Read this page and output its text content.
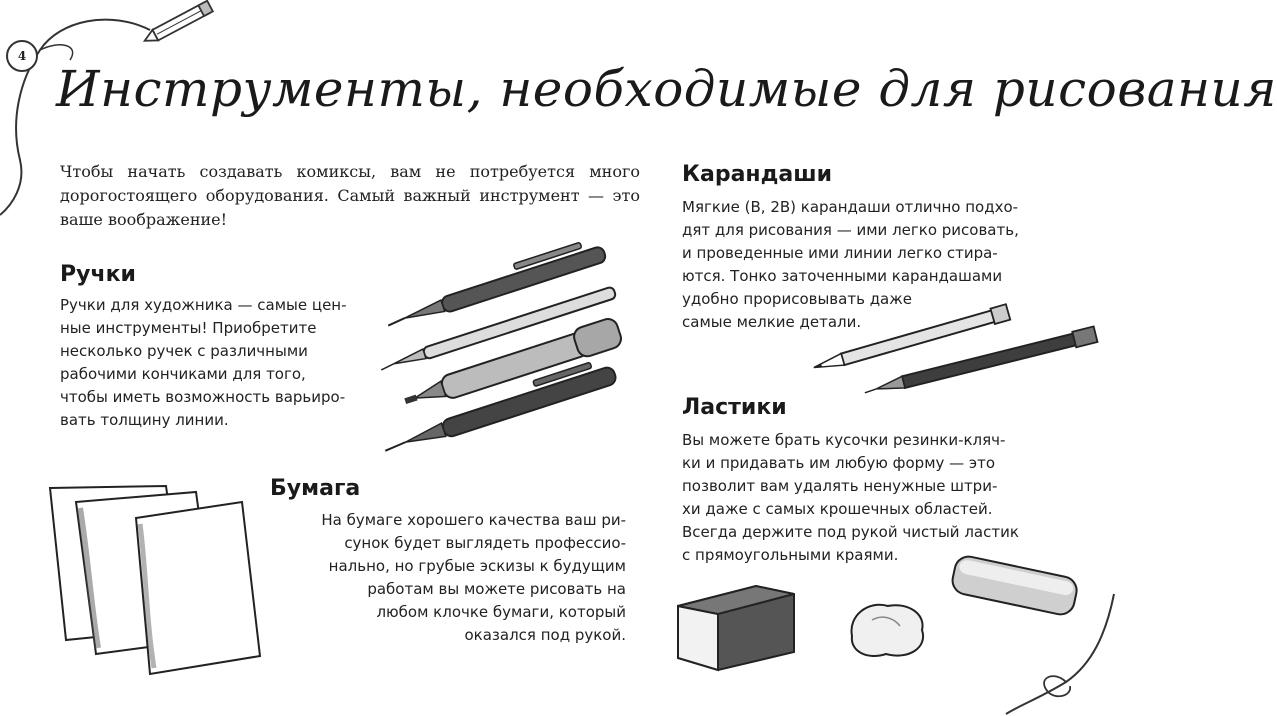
4
Инструменты, необходимые для рисования
Чтобы начать создавать комиксы, вам не потребуется много дорогостоящего оборудования. Самый важный инструмент — это ваше воображение!
Ручки
Ручки для художника — самые цен-
ные инструменты! Приобретите
несколько ручек с различными
рабочими кончиками для того,
чтобы иметь возможность варьиро-
вать толщину линии.
Бумага
На бумаге хорошего качества ваш ри-
сунок будет выглядеть профессио-
нально, но грубые эскизы к будущим
работам вы можете рисовать на
любом клочке бумаги, который
оказался под рукой.
Карандаши
Мягкие (B, 2B) карандаши отлично подхо-
дят для рисования — ими легко рисовать,
и проведенные ими линии легко стира-
ются. Тонко заточенными карандашами
удобно прорисовывать даже
самые мелкие детали.
Ластики
Вы можете брать кусочки резинки-кляч-
ки и придавать им любую форму — это
позволит вам удалять ненужные штри-
хи даже с самых крошечных областей.
Всегда держите под рукой чистый ластик
с прямоугольными краями.
